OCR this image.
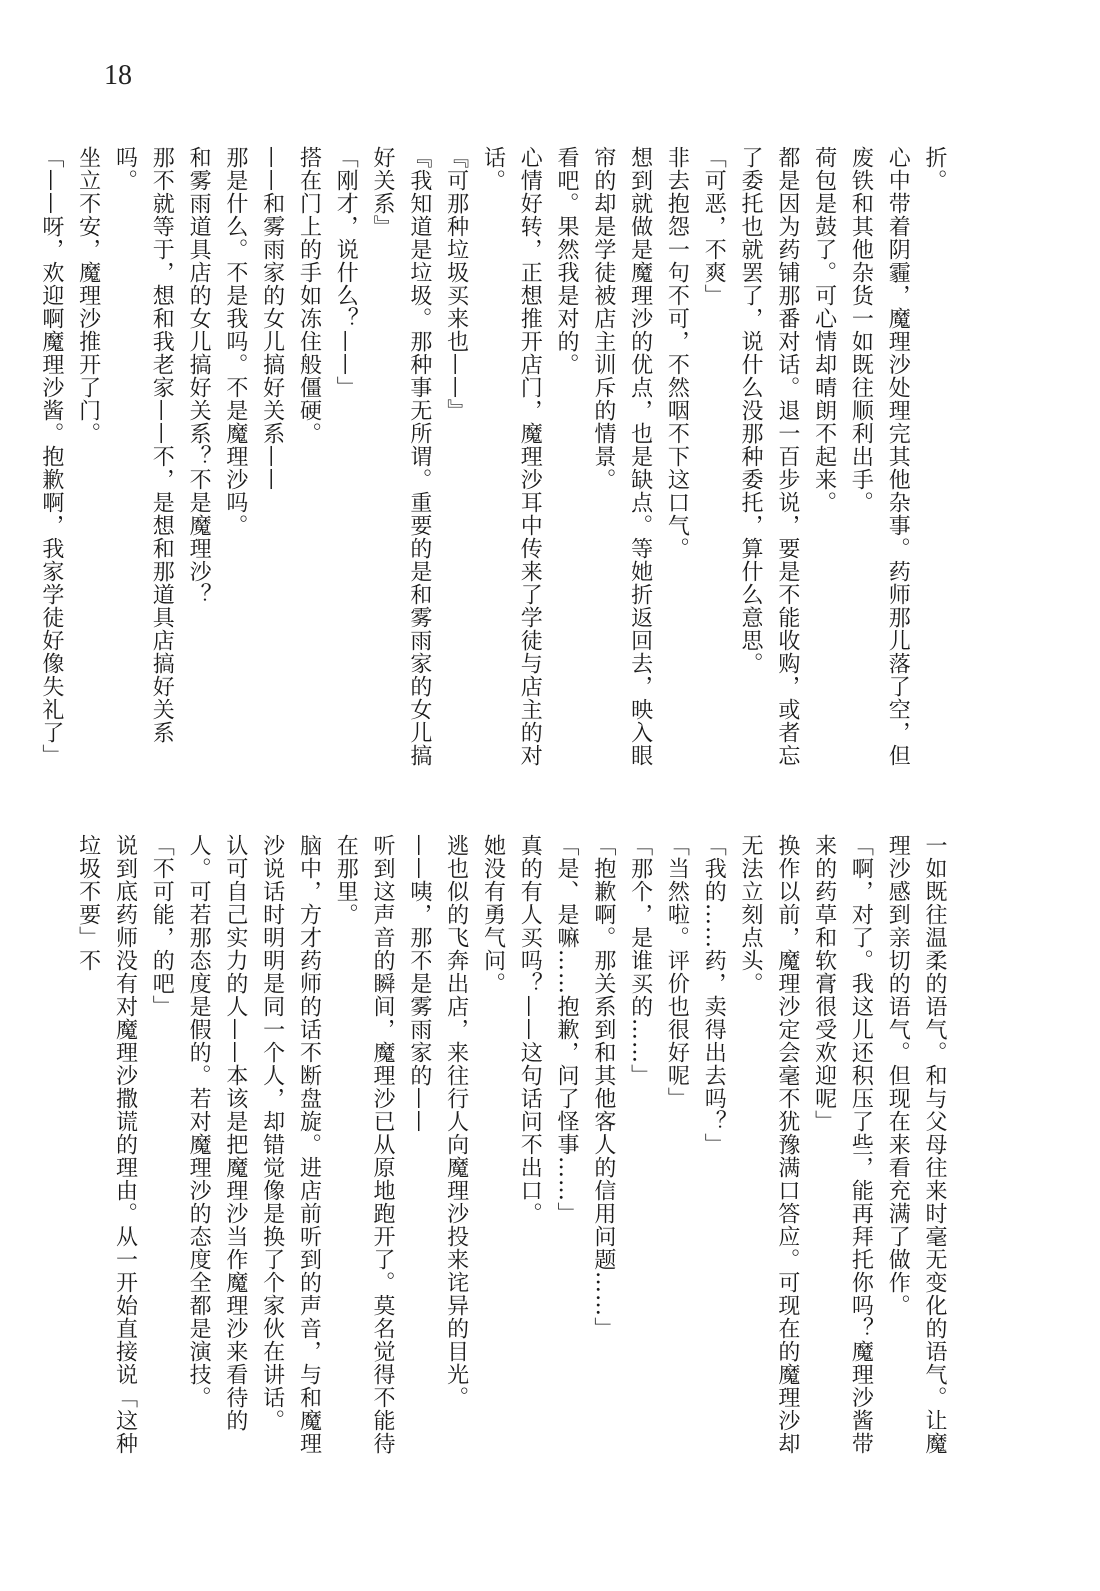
18

折。

心中带着阴霾，魔理沙处理完其他杂事。药师那儿落了空，但废铁和其他杂货一如既往顺利出手。

荷包是鼓了。可心情却晴朗不起来。

都是因为药铺那番对话。退一百步说，要是不能收购，或者忘了委托也就罢了，说什么没那种委托，算什么意思。

「可恶，不爽」

非去抱怨一句不可，不然咽不下这口气。

想到就做是魔理沙的优点，也是缺点。等她折返回去，映入眼帘的却是学徒被店主训斥的情景。

看吧。果然我是对的。

心情好转，正想推开店门，魔理沙耳中传来了学徒与店主的对话。

『可那种垃圾买来也——』

『我知道是垃圾。那种事无所谓。重要的是和雾雨家的女儿搞好关系』

「刚才，说什么？——」

搭在门上的手如冻住般僵硬。

——和雾雨家的女儿搞好关系——

那是什么。不是我吗。不是魔理沙吗。

和雾雨道具店的女儿搞好关系？不是魔理沙？

那不就等于，想和我老家——不，是想和那道具店搞好关系吗。

坐立不安，魔理沙推开了门。

「——呀，欢迎啊魔理沙酱。抱歉啊，我家学徒好像失礼了」

一如既往温柔的语气。和与父母往来时毫无变化的语气。让魔理沙感到亲切的语气。但现在来看充满了做作。

「啊，对了。我这儿还积压了些，能再拜托你吗？魔理沙酱带来的药草和软膏很受欢迎呢」

换作以前，魔理沙定会毫不犹豫满口答应。可现在的魔理沙却无法立刻点头。

「我的……药，卖得出去吗？」

「当然啦。评价也很好呢」

「那个，是谁买的……」

「抱歉啊。那关系到和其他客人的信用问题……」

「是、是嘛……抱歉，问了怪事……」

真的有人买吗？——这句话问不出口。

她没有勇气问。

逃也似的飞奔出店，来往行人向魔理沙投来诧异的目光。

——咦，那不是雾雨家的——

听到这声音的瞬间，魔理沙已从原地跑开了。莫名觉得不能待在那里。

脑中，方才药师的话不断盘旋。进店前听到的声音，与和魔理沙说话时明明是同一个人，却错觉像是换了个家伙在讲话。

认可自己实力的人——本该是把魔理沙当作魔理沙来看待的人。可若那态度是假的。若对魔理沙的态度全都是演技。

「不可能，的吧」

说到底药师没有对魔理沙撒谎的理由。从一开始直接说「这种垃圾不要」不
